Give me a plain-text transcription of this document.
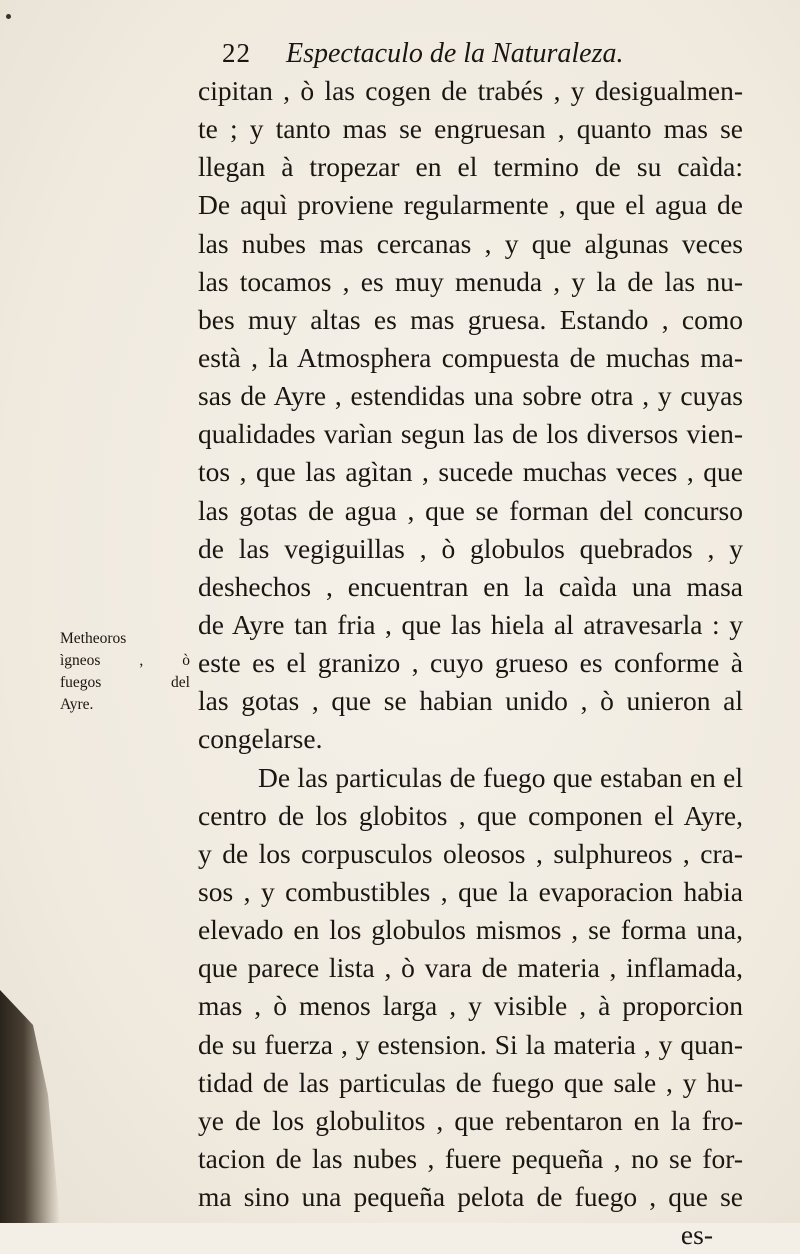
22 Espectaculo de la Naturaleza.
cipitan , ò las cogen de trabés , y desigualmen-
te ; y tanto mas se engruesan , quanto mas se
llegan à tropezar en el termino de su caìda:
De aquì proviene regularmente , que el agua de
las nubes mas cercanas , y que algunas veces
las tocamos , es muy menuda , y la de las nu-
bes muy altas es mas gruesa. Estando , como
està , la Atmosphera compuesta de muchas ma-
sas de Ayre , estendidas una sobre otra , y cuyas
qualidades varìan segun las de los diversos vien-
tos , que las agìtan , sucede muchas veces , que
las gotas de agua , que se forman del concurso
de las vegiguillas , ò globulos quebrados , y
deshechos , encuentran en la caìda una masa
de Ayre tan fria , que las hiela al atravesarla : y
este es el granizo , cuyo grueso es conforme à
las gotas , que se habian unido , ò unieron al
congelarse.
De las particulas de fuego que estaban en el
centro de los globitos , que componen el Ayre,
y de los corpusculos oleosos , sulphureos , cra-
sos , y combustibles , que la evaporacion habia
elevado en los globulos mismos , se forma una,
que parece lista , ò vara de materia , inflamada,
mas , ò menos larga , y visible , à proporcion
de su fuerza , y estension. Si la materia , y quan-
tidad de las particulas de fuego que sale , y hu-
ye de los globulitos , que rebentaron en la fro-
tacion de las nubes , fuere pequeña , no se for-
ma sino una pequeña pelota de fuego , que se
es-
Metheoros
ìgneos , ò
fuegos del
Ayre.
